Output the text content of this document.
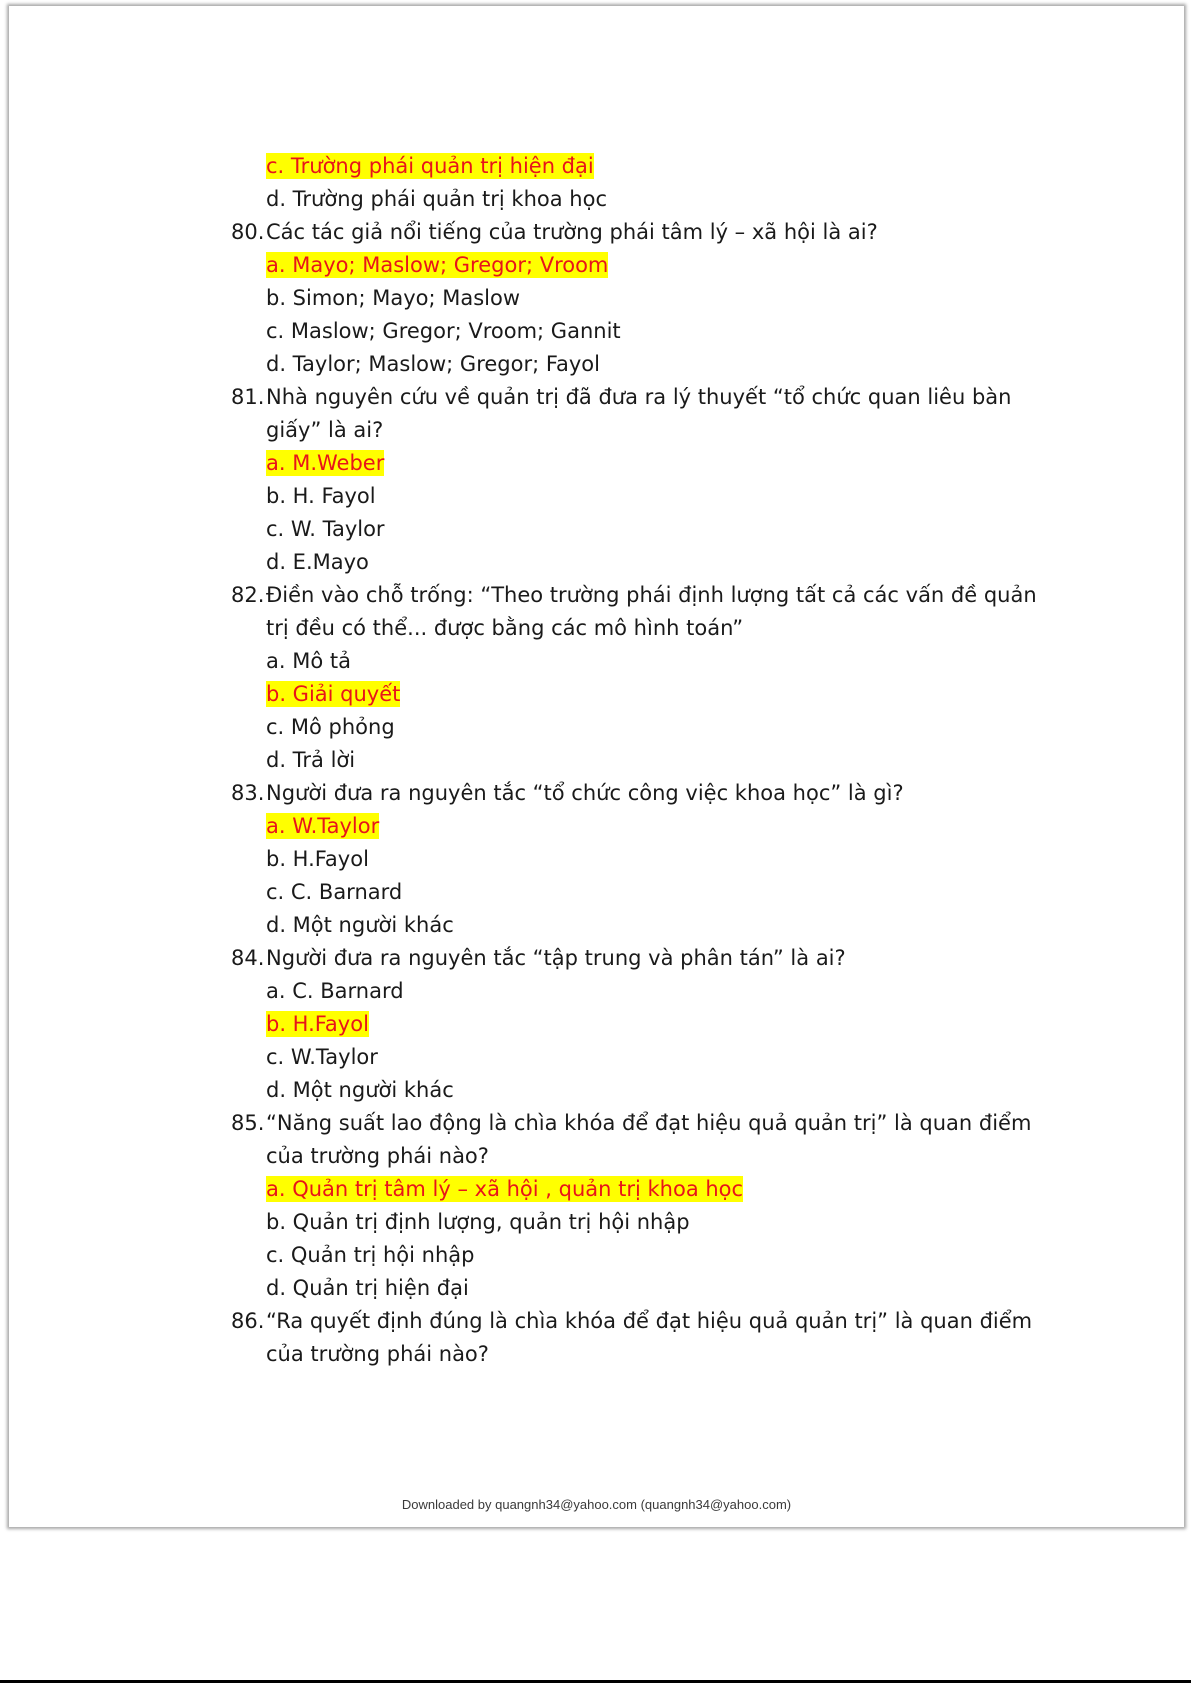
c. Trường phái quản trị hiện đại
d. Trường phái quản trị khoa học
80. Các tác giả nổi tiếng của trường phái tâm lý – xã hội là ai?
a. Mayo; Maslow; Gregor; Vroom
b. Simon; Mayo; Maslow
c. Maslow; Gregor; Vroom; Gannit
d. Taylor; Maslow; Gregor; Fayol
81. Nhà nguyên cứu về quản trị đã đưa ra lý thuyết “tổ chức quan liêu bàn
giấy” là ai?
a. M.Weber
b. H. Fayol
c. W. Taylor
d. E.Mayo
82. Điền vào chỗ trống: “Theo trường phái định lượng tất cả các vấn đề quản
trị đều có thể... được bằng các mô hình toán”
a. Mô tả
b. Giải quyết
c. Mô phỏng
d. Trả lời
83. Người đưa ra nguyên tắc “tổ chức công việc khoa học” là gì?
a. W.Taylor
b. H.Fayol
c. C. Barnard
d. Một người khác
84. Người đưa ra nguyên tắc “tập trung và phân tán” là ai?
a. C. Barnard
b. H.Fayol
c. W.Taylor
d. Một người khác
85. “Năng suất lao động là chìa khóa để đạt hiệu quả quản trị” là quan điểm
của trường phái nào?
a. Quản trị tâm lý – xã hội , quản trị khoa học
b. Quản trị định lượng, quản trị hội nhập
c. Quản trị hội nhập
d. Quản trị hiện đại
86. “Ra quyết định đúng là chìa khóa để đạt hiệu quả quản trị” là quan điểm
của trường phái nào?
Downloaded by quangnh34@yahoo.com (quangnh34@yahoo.com)
